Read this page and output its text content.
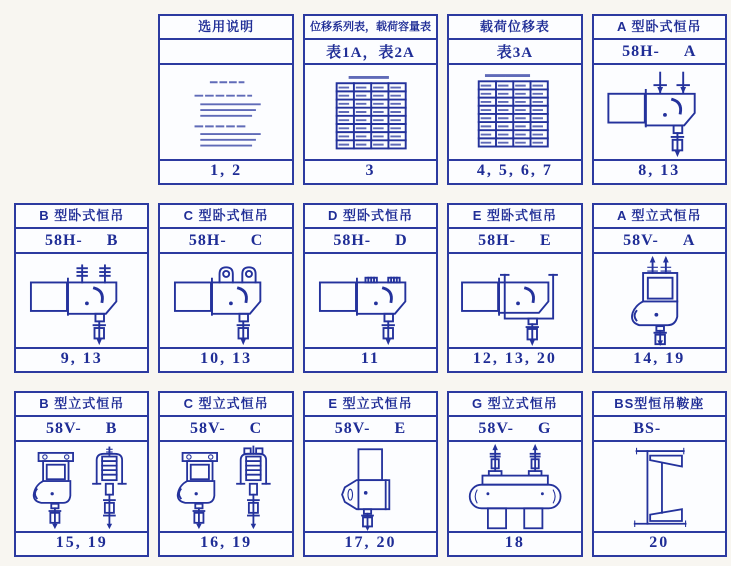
选用说明
1, 2
位移系列表，载荷容量表
表1A，表2A
3
载荷位移表
表3A
4, 5, 6, 7
A 型卧式恒吊
58H- A
8, 13
B 型卧式恒吊
58H- B
9, 13
C 型卧式恒吊
58H- C
10, 13
D 型卧式恒吊
58H- D
11
E 型卧式恒吊
58H- E
12, 13, 20
A 型立式恒吊
58V- A
14, 19
B 型立式恒吊
58V- B
15, 19
C 型立式恒吊
58V- C
16, 19
E 型立式恒吊
58V- E
17, 20
G 型立式恒吊
58V- G
18
BS型恒吊鞍座
BS-
20
